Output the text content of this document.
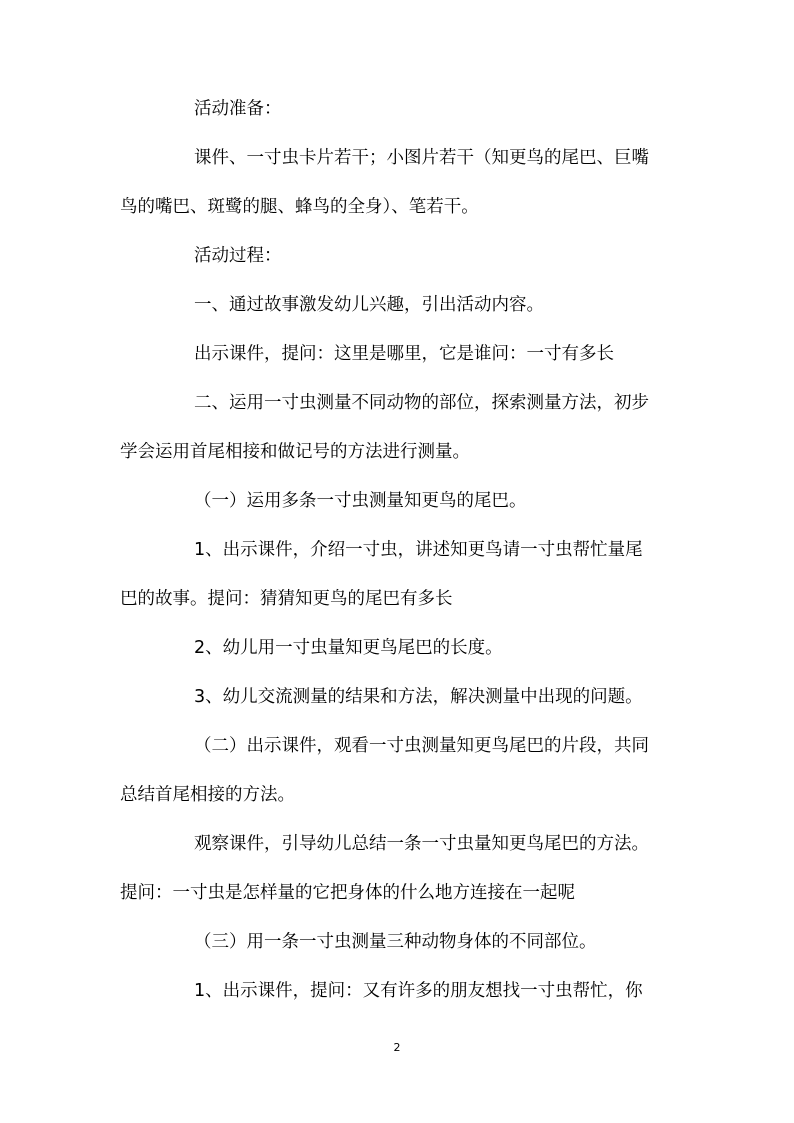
活动准备：
课件、一寸虫卡片若干；小图片若干（知更鸟的尾巴、巨嘴
鸟的嘴巴、斑鹭的腿、蜂鸟的全身）、笔若干。
活动过程：
一、通过故事激发幼儿兴趣，引出活动内容。
出示课件，提问：这里是哪里，它是谁问：一寸有多长
二、运用一寸虫测量不同动物的部位，探索测量方法，初步
学会运用首尾相接和做记号的方法进行测量。
（一）运用多条一寸虫测量知更鸟的尾巴。
1、出示课件，介绍一寸虫，讲述知更鸟请一寸虫帮忙量尾
巴的故事。提问：猜猜知更鸟的尾巴有多长
2、幼儿用一寸虫量知更鸟尾巴的长度。
3、幼儿交流测量的结果和方法，解决测量中出现的问题。
（二）出示课件，观看一寸虫测量知更鸟尾巴的片段，共同
总结首尾相接的方法。
观察课件，引导幼儿总结一条一寸虫量知更鸟尾巴的方法。
提问：一寸虫是怎样量的它把身体的什么地方连接在一起呢
（三）用一条一寸虫测量三种动物身体的不同部位。
1、出示课件，提问：又有许多的朋友想找一寸虫帮忙，你
2
